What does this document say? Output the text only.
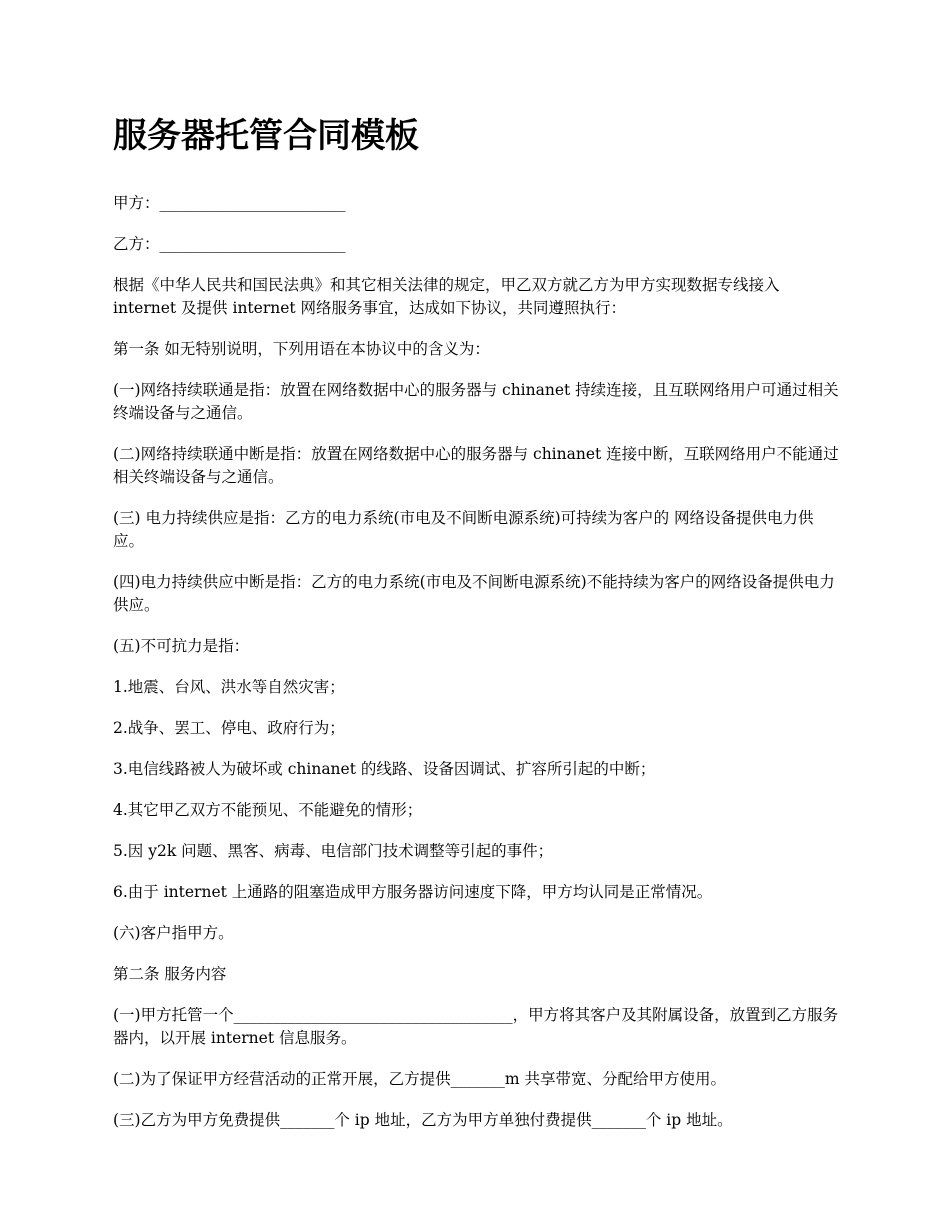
服务器托管合同模板

甲方：________________________

乙方：________________________

根据《中华人民共和国民法典》和其它相关法律的规定，甲乙双方就乙方为甲方实现数据专线接入 internet 及提供 internet 网络服务事宜，达成如下协议，共同遵照执行：

第一条 如无特别说明，下列用语在本协议中的含义为：

(一)网络持续联通是指：放置在网络数据中心的服务器与 chinanet 持续连接，且互联网络用户可通过相关终端设备与之通信。

(二)网络持续联通中断是指：放置在网络数据中心的服务器与 chinanet 连接中断，互联网络用户不能通过相关终端设备与之通信。

(三) 电力持续供应是指：乙方的电力系统(市电及不间断电源系统)可持续为客户的 网络设备提供电力供应。

(四)电力持续供应中断是指：乙方的电力系统(市电及不间断电源系统)不能持续为客户的网络设备提供电力供应。

(五)不可抗力是指：

1.地震、台风、洪水等自然灾害；

2.战争、罢工、停电、政府行为；

3.电信线路被人为破坏或 chinanet 的线路、设备因调试、扩容所引起的中断；

4.其它甲乙双方不能预见、不能避免的情形；

5.因 y2k 问题、黑客、病毒、电信部门技术调整等引起的事件；

6.由于 internet 上通路的阻塞造成甲方服务器访问速度下降，甲方均认同是正常情况。

(六)客户指甲方。

第二条 服务内容

(一)甲方托管一个____________________________________，甲方将其客户及其附属设备，放置到乙方服务器内，以开展 internet 信息服务。

(二)为了保证甲方经营活动的正常开展，乙方提供_______m 共享带宽、分配给甲方使用。

(三)乙方为甲方免费提供_______个 ip 地址，乙方为甲方单独付费提供_______个 ip 地址。
